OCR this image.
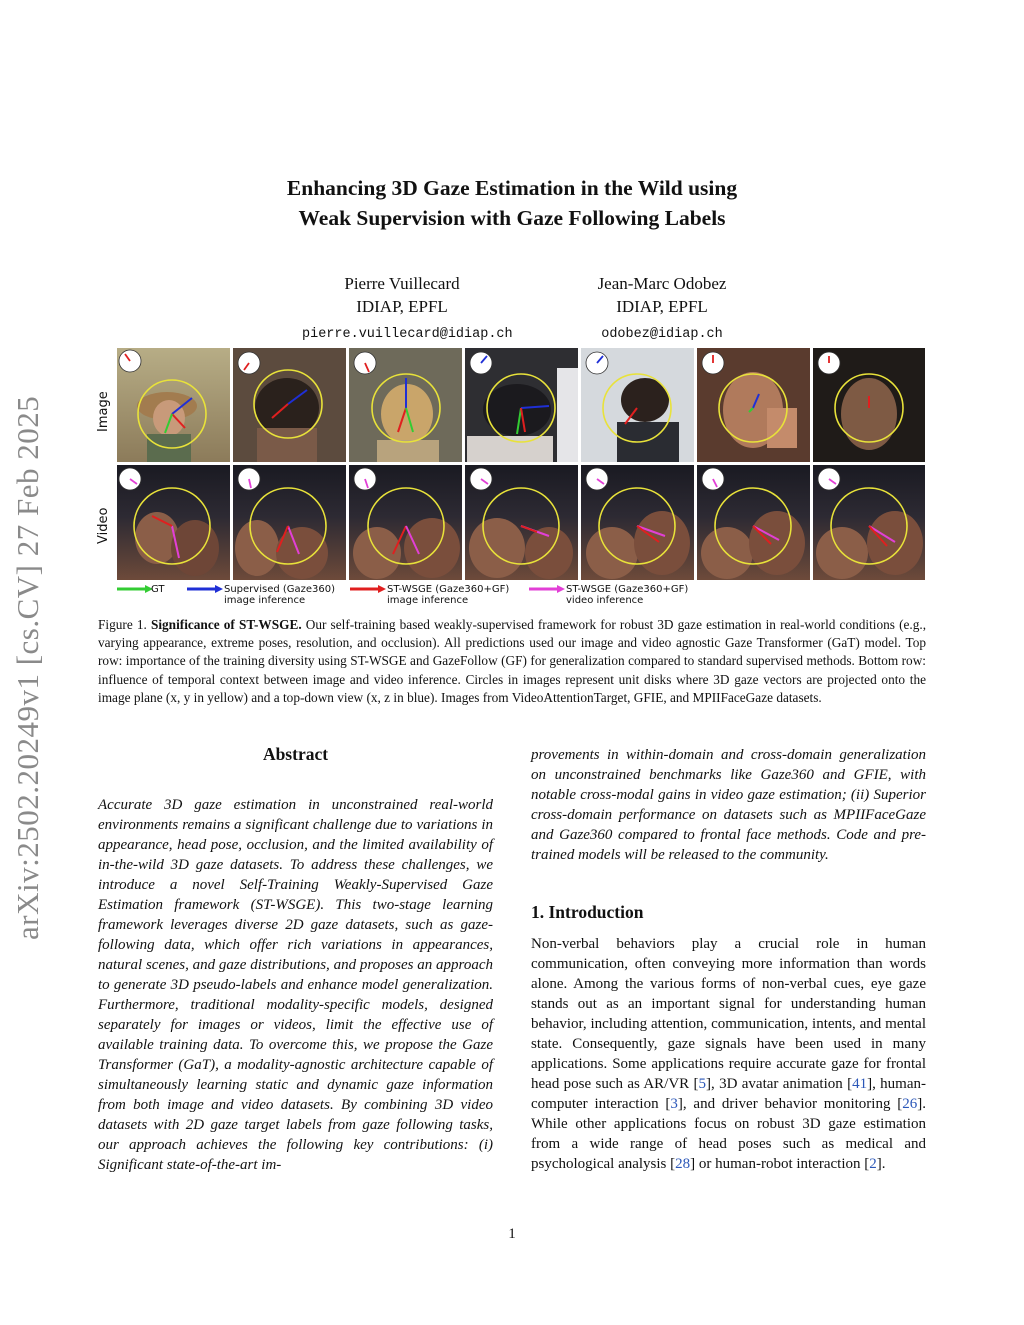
arXiv:2502.20249v1 [cs.CV] 27 Feb 2025
Enhancing 3D Gaze Estimation in the Wild using
Weak Supervision with Gaze Following Labels
Pierre Vuillecard
IDIAP, EPFL
pierre.vuillecard@idiap.ch
Jean-Marc Odobez
IDIAP, EPFL
odobez@idiap.ch
Image
Video
GT	Supervised (Gaze360)
image inference
ST-WSGE (Gaze360+GF)
image inference
ST-WSGE (Gaze360+GF)
video inference
Figure 1. Significance of ST-WSGE. Our self-training based weakly-supervised framework for robust 3D gaze estimation in real-world conditions (e.g., varying appearance, extreme poses, resolution, and occlusion). All predictions used our image and video agnostic Gaze Transformer (GaT) model. Top row: importance of the training diversity using ST-WSGE and GazeFollow (GF) for generalization compared to standard supervised methods. Bottom row: influence of temporal context between image and video inference. Circles in images represent unit disks where 3D gaze vectors are projected onto the image plane (x, y in yellow) and a top-down view (x, z in blue). Images from VideoAttentionTarget, GFIE, and MPIIFaceGaze datasets.
Abstract
Accurate 3D gaze estimation in unconstrained real-world environments remains a significant challenge due to variations in appearance, head pose, occlusion, and the limited availability of in-the-wild 3D gaze datasets. To address these challenges, we introduce a novel Self-Training Weakly-Supervised Gaze Estimation framework (ST-WSGE). This two-stage learning framework leverages diverse 2D gaze datasets, such as gaze-following data, which offer rich variations in appearances, natural scenes, and gaze distributions, and proposes an approach to generate 3D pseudo-labels and enhance model generalization. Furthermore, traditional modality-specific models, designed separately for images or videos, limit the effective use of available training data. To overcome this, we propose the Gaze Transformer (GaT), a modality-agnostic architecture capable of simultaneously learning static and dynamic gaze information from both image and video datasets. By combining 3D video datasets with 2D gaze target labels from gaze following tasks, our approach achieves the following key contributions: (i) Significant state-of-the-art im-
provements in within-domain and cross-domain generalization on unconstrained benchmarks like Gaze360 and GFIE, with notable cross-modal gains in video gaze estimation; (ii) Superior cross-domain performance on datasets such as MPIIFaceGaze and Gaze360 compared to frontal face methods. Code and pre-trained models will be released to the community.
1. Introduction
Non-verbal behaviors play a crucial role in human communication, often conveying more information than words alone. Among the various forms of non-verbal cues, eye gaze stands out as an important signal for understanding human behavior, including attention, communication, intents, and mental state. Consequently, gaze signals have been used in many applications. Some applications require accurate gaze for frontal head pose such as AR/VR [5], 3D avatar animation [41], human-computer interaction [3], and driver behavior monitoring [26]. While other applications focus on robust 3D gaze estimation from a wide range of head poses such as medical and psychological analysis [28] or human-robot interaction [2].
1
